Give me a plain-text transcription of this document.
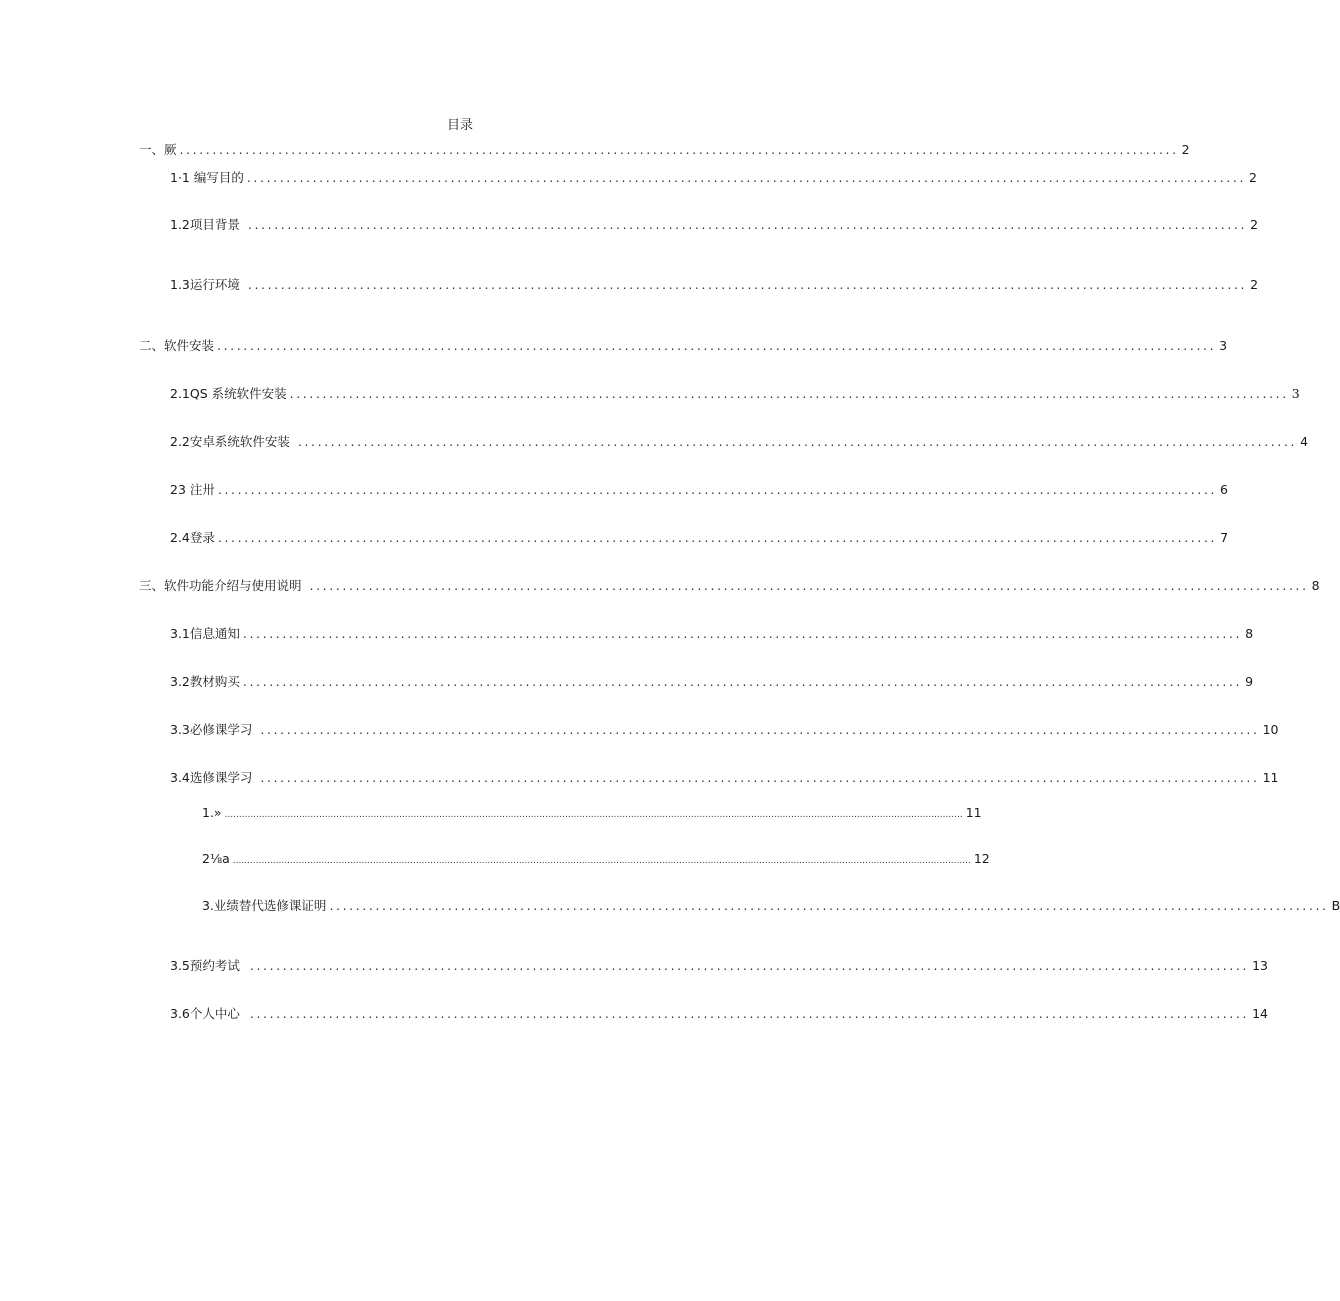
目录
一、厥 ........................................................................................................................................................ 2
1·1 编写目的 ........................................................................................................................................................ 2
1.2 项目背景 ........................................................................................................................................................ 2
1.3 运行环境 ........................................................................................................................................................ 2
二、软件安装 ........................................................................................................................................................ 3
2.1 QS 系统软件安装 ........................................................................................................................................................ 3
2.2 安卓系统软件安装 ........................................................................................................................................................ 4
23 注卅 ........................................................................................................................................................ 6
2.4 登录 ........................................................................................................................................................ 7
三、软件功能介绍与使用说明 ........................................................................................................................................................ 8
3.1 信息通知 ........................................................................................................................................................ 8
3.2 教材购买 ........................................................................................................................................................ 9
3.3 必修课学习 ........................................................................................................................................................ 10
3.4 选修课学习 ........................................................................................................................................................ 11
1.» .................................................................................................................................................................................................................................................................. 11
2⅛a .................................................................................................................................................................................................................................................................. 12
3.业绩替代选修课证明 ........................................................................................................................................................ B
3.5 预约考试 ........................................................................................................................................................ 13
3.6 个人中心 ........................................................................................................................................................ 14
